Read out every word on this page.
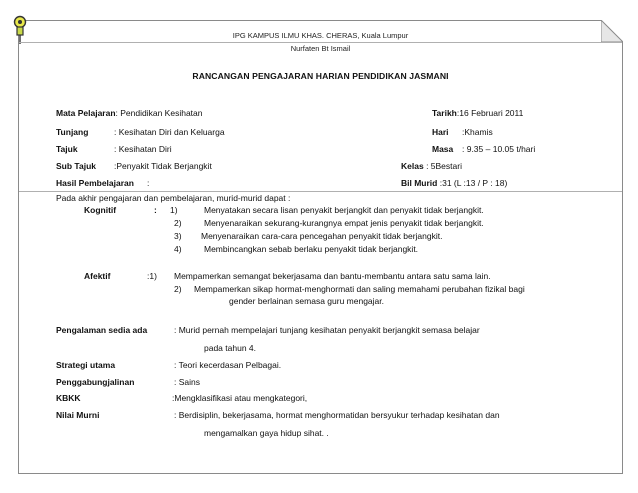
IPG KAMPUS ILMU KHAS. CHERAS, Kuala Lumpur
Nurfaten Bt Ismail
RANCANGAN PENGAJARAN HARIAN PENDIDIKAN JASMANI
Mata Pelajaran: Pendidikan Kesihatan	Tarikh:16 Februari 2011
Tunjang	: Kesihatan Diri dan Keluarga	Hari :Khamis
Tajuk	: Kesihatan Diri	Masa : 9.35 – 10.05 t/hari
Sub Tajuk :Penyakit Tidak Berjangkit	Kelas : 5Bestari
Hasil Pembelajaran :	Bil Murid :31 (L :13 / P : 18)
Pada akhir pengajaran dan pembelajaran, murid-murid dapat :
Kognitif	: 1)	Menyatakan secara lisan penyakit berjangkit dan penyakit tidak berjangkit.
2)	Menyenaraikan sekurang-kurangnya empat jenis penyakit tidak berjangkit.
3) Menyenaraikan cara-cara pencegahan penyakit tidak berjangkit.
4)	Membincangkan sebab berlaku penyakit tidak berjangkit.
Afektif	:1) Mempamerkan semangat bekerjasama dan bantu-membantu antara satu sama lain.
2) Mempamerkan sikap hormat-menghormati dan saling memahami perubahan fizikal bagi
gender berlainan semasa guru mengajar.
Pengalaman sedia ada	: Murid pernah mempelajari tunjang kesihatan penyakit berjangkit semasa belajar
pada tahun 4.
Strategi utama	: Teori kecerdasan Pelbagai.
Penggabungjalinan	: Sains
KBKK	:Mengklasifikasi atau mengkategori,
Nilai Murni	: Berdisiplin, bekerjasama, hormat menghormatidan bersyukur terhadap kesihatan dan
mengamalkan gaya hidup sihat. .
